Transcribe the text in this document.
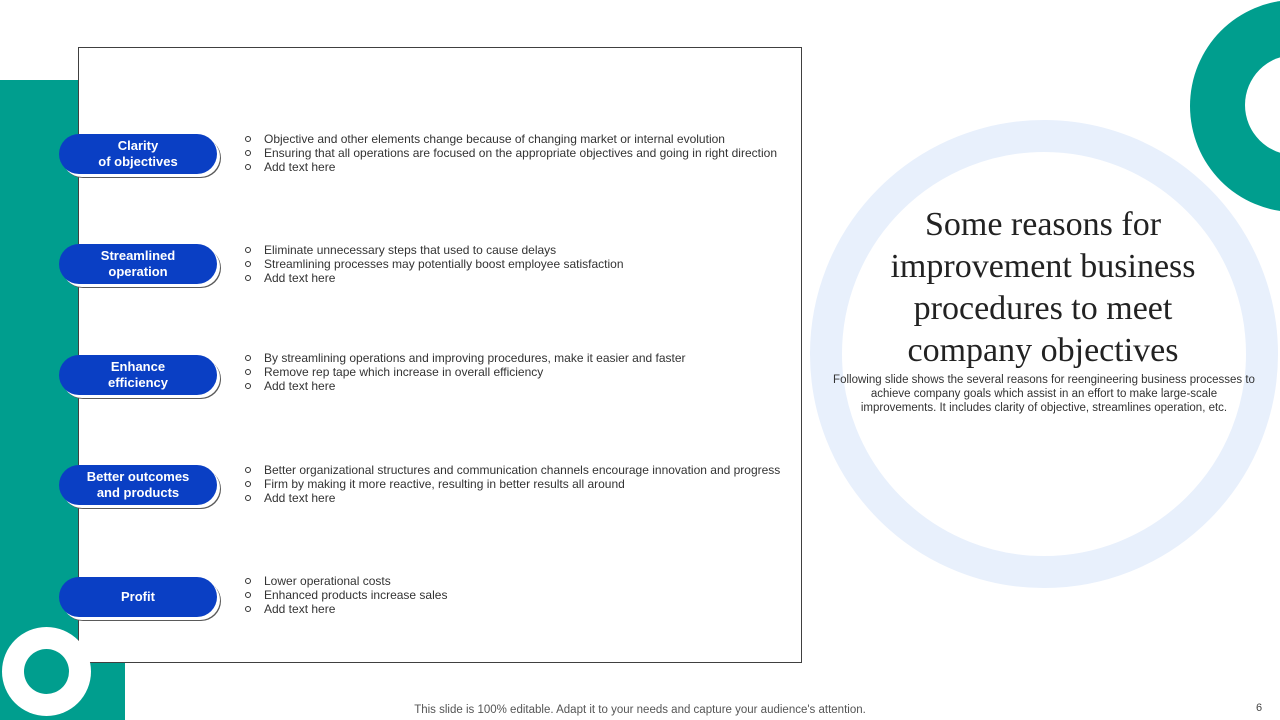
Clarity
of objectives
Objective and other elements change because of changing market or internal evolution
Ensuring that all operations are focused on the appropriate objectives and going in right direction
Add text here
Streamlined
operation
Eliminate unnecessary steps that used to cause delays
Streamlining processes may potentially boost employee satisfaction
Add text here
Enhance
efficiency
By streamlining operations and improving procedures, make it easier and faster
Remove rep tape which increase in overall efficiency
Add text here
Better outcomes
and products
Better organizational structures and communication channels encourage innovation and progress
Firm by making it more reactive, resulting in better results all around
Add text here
Profit
Lower operational costs
Enhanced products increase sales
Add text here
Some reasons for improvement business procedures to meet company objectives
Following slide shows the several reasons for reengineering business processes to achieve company goals which assist in an effort to make large-scale improvements. It includes clarity of objective, streamlines operation, etc.
This slide is 100% editable. Adapt it to your needs and capture your audience's attention.	6
